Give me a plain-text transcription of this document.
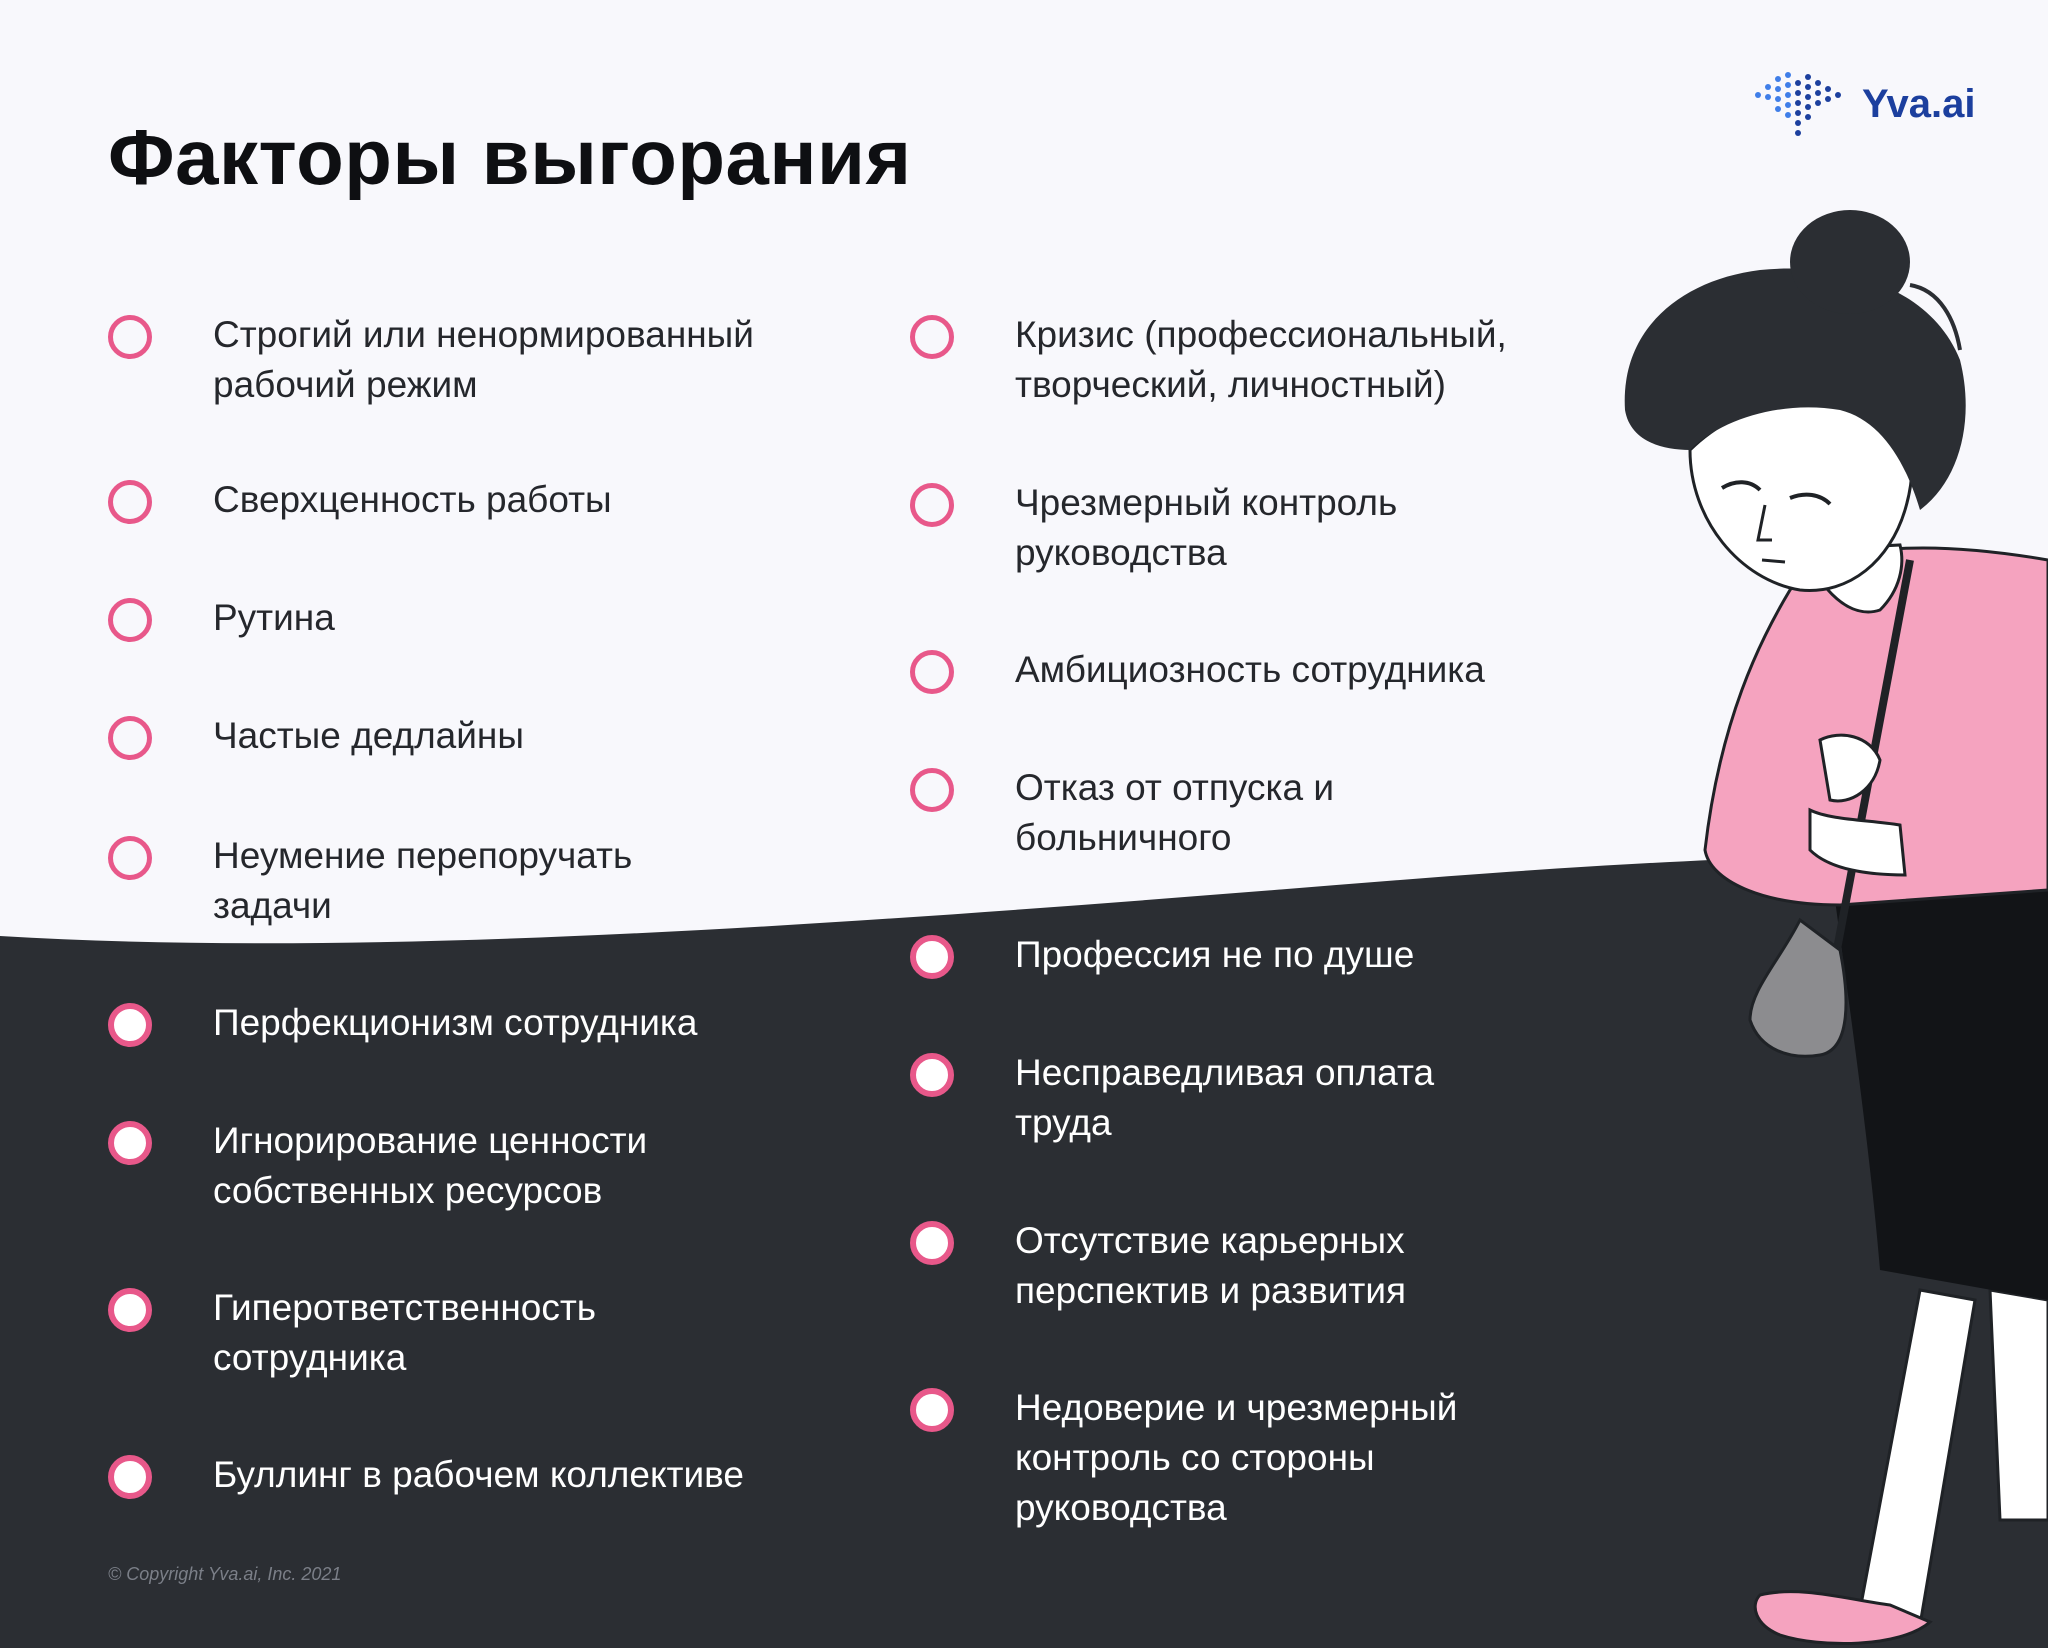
Факторы выгорания
Yva.ai
Строгий или ненормированный
рабочий режим
Сверхценность работы
Рутина
Частые дедлайны
Неумение перепоручать
задачи
Перфекционизм сотрудника
Игнорирование ценности
собственных ресурсов
Гиперответственность
сотрудника
Буллинг в рабочем коллективе
Кризис (профессиональный,
творческий, личностный)
Чрезмерный контроль
руководства
Амбициозность сотрудника
Отказ от отпуска и
больничного
Профессия не по душе
Несправедливая оплата
труда
Отсутствие карьерных
перспектив и развития
Недоверие и чрезмерный
контроль со стороны
руководства
© Copyright Yva.ai, Inc. 2021
